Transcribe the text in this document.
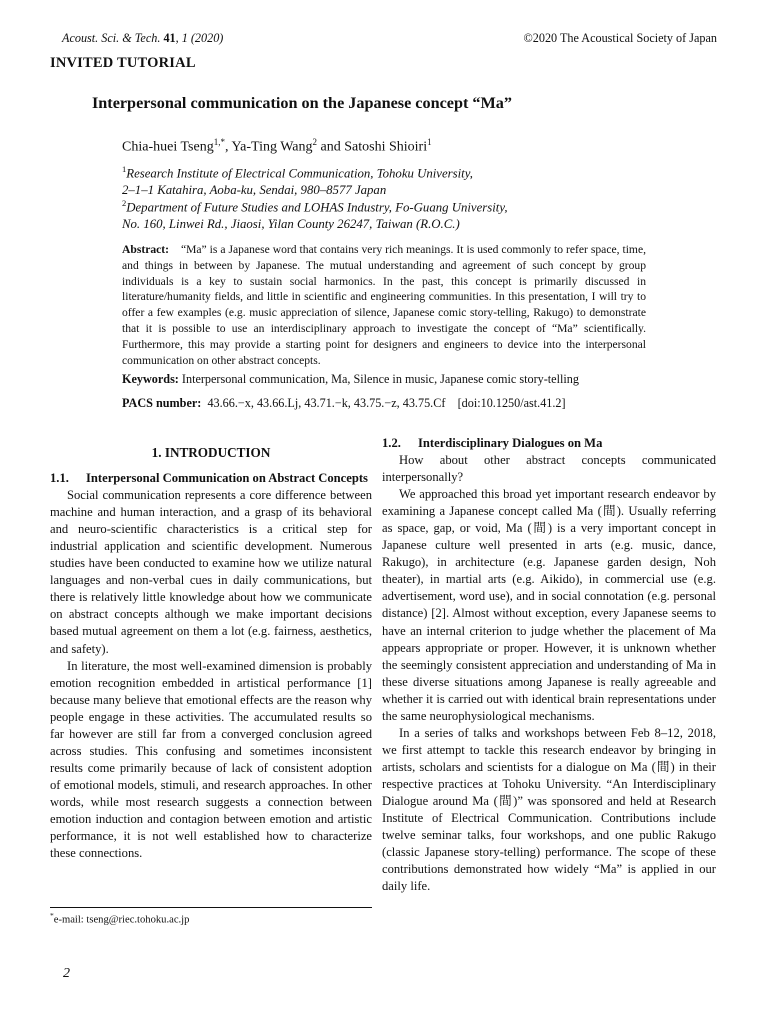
Acoust. Sci. & Tech. 41, 1 (2020)	©2020 The Acoustical Society of Japan
INVITED TUTORIAL
Interpersonal communication on the Japanese concept “Ma”
Chia-huei Tseng$^{1,*}$, Ya-Ting Wang$^2$ and Satoshi Shioiri$^1$
$^1$Research Institute of Electrical Communication, Tohoku University,
2–1–1 Katahira, Aoba-ku, Sendai, 980–8577 Japan
$^2$Department of Future Studies and LOHAS Industry, Fo-Guang University,
No. 160, Linwei Rd., Jiaosi, Yilan County 26247, Taiwan (R.O.C.)
Abstract: “Ma” is a Japanese word that contains very rich meanings. It is used commonly to refer space, time, and things in between by Japanese. The mutual understanding and agreement of such concept by group individuals is a key to sustain social harmonics. In the past, this concept is primarily discussed in literature/humanity fields, and little in scientific and engineering communities. In this presentation, I will try to offer a few examples (e.g. music appreciation of silence, Japanese comic story-telling, Rakugo) to demonstrate that it is possible to use an interdisciplinary approach to investigate the concept of “Ma” scientifically. Furthermore, this may provide a starting point for designers and engineers to device into the interpersonal communication on other abstract concepts.
Keywords: Interpersonal communication, Ma, Silence in music, Japanese comic story-telling
PACS number: 43.66.−x, 43.66.Lj, 43.71.−k, 43.75.−z, 43.75.Cf [doi:10.1250/ast.41.2]
1. INTRODUCTION
1.1. Interpersonal Communication on Abstract Concepts

Social communication represents a core difference between machine and human interaction, and a grasp of its behavioral and neuro-scientific characteristics is a critical step for industrial application and scientific development. Numerous studies have been conducted to examine how we utilize natural languages and non-verbal cues in daily communications, but there is relatively little knowledge about how we communicate on abstract concepts although we make important decisions based mutual agreement on them a lot (e.g. fairness, aesthetics, and safety).

In literature, the most well-examined dimension is probably emotion recognition embedded in artistical performance [1] because many believe that emotional effects are the reason why people engage in these activities. The accumulated results so far however are still far from a converged conclusion agreed across studies. This confusing and sometimes inconsistent results come primarily because of lack of consistent adoption of emotional models, stimuli, and research approaches. In other words, while most research suggests a connection between emotion induction and contagion between emotion and artistic performance, it is not well established how to characterize these connections.

1.2. Interdisciplinary Dialogues on Ma

How about other abstract concepts communicated interpersonally?

We approached this broad yet important research endeavor by examining a Japanese concept called Ma (間). Usually referring as space, gap, or void, Ma (間) is a very important concept in Japanese culture well presented in arts (e.g. music, dance, Rakugo), in architecture (e.g. Japanese garden design, Noh theater), in martial arts (e.g. Aikido), in commercial use (e.g. advertisement, word use), and in social connotation (e.g. personal distance) [2]. Almost without exception, every Japanese seems to have an internal criterion to judge whether the placement of Ma appears appropriate or proper. However, it is unknown whether the seemingly consistent appreciation and understanding of Ma in these diverse situations among Japanese is really agreeable and whether it is carried out with identical brain representations under the same neurophysiological mechanisms.

In a series of talks and workshops between Feb 8–12, 2018, we first attempt to tackle this research endeavor by bringing in artists, scholars and scientists for a dialogue on Ma (間) in their respective practices at Tohoku University. “An Interdisciplinary Dialogue around Ma (間)” was sponsored and held at Research Institute of Electrical Communication. Contributions include twelve seminar talks, four workshops, and one public Rakugo (classic Japanese story-telling) performance. The scope of these contributions demonstrated how widely “Ma” is applied in our daily life.

*e-mail: tseng@riec.tohoku.ac.jp
2
